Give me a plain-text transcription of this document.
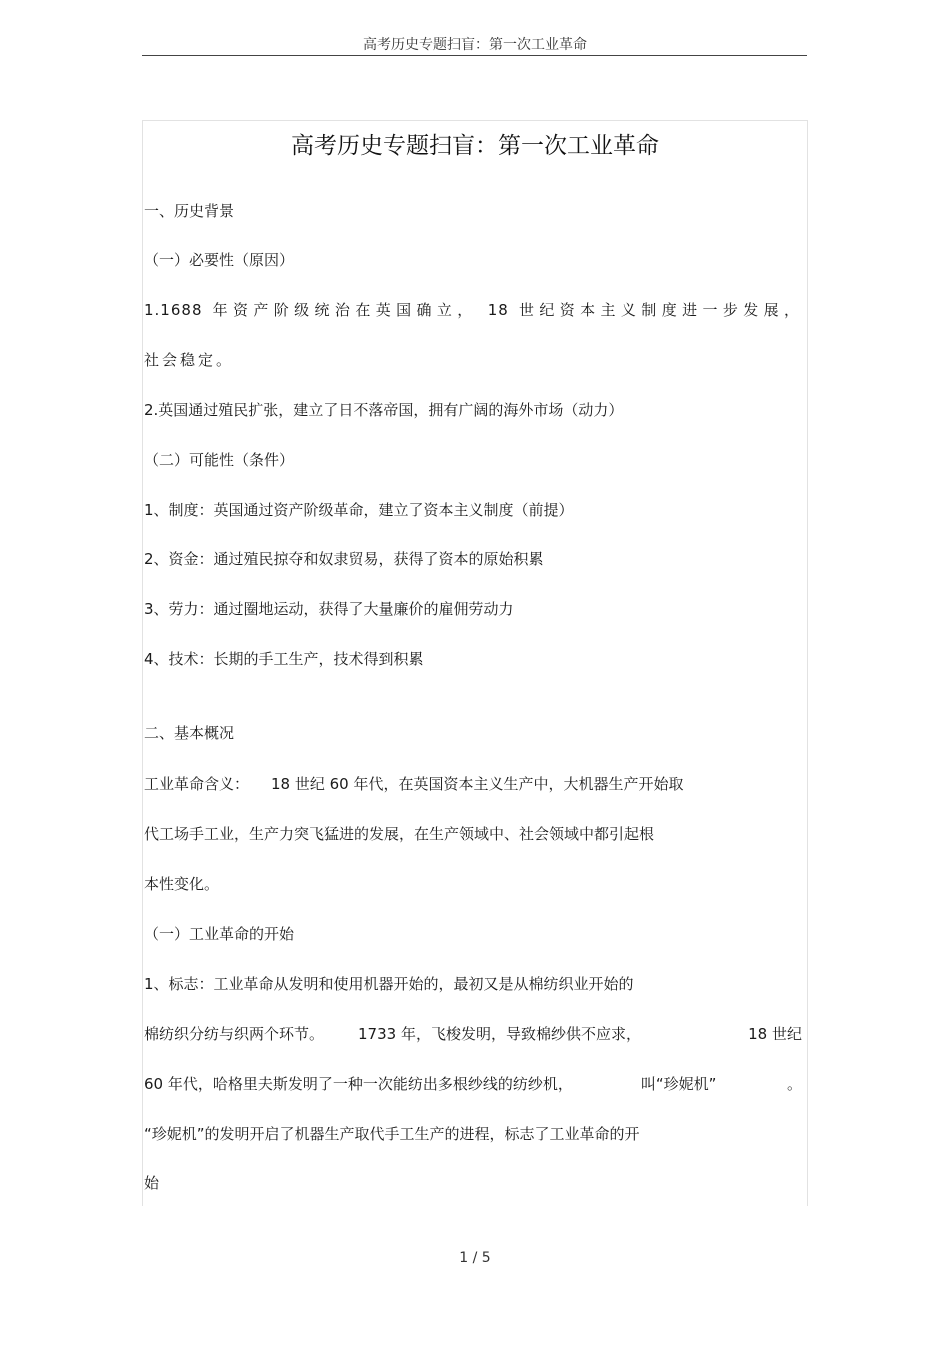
高考历史专题扫盲：第一次工业革命
高考历史专题扫盲：第一次工业革命
一、历史背景
（一）必要性（原因）
1.1688 年资产阶级统治在英国确立， 18 世纪资本主义制度进一步发展，
社会稳定。
2.英国通过殖民扩张，建立了日不落帝国，拥有广阔的海外市场（动力）
（二）可能性（条件）
1、制度：英国通过资产阶级革命，建立了资本主义制度（前提）
2、资金：通过殖民掠夺和奴隶贸易，获得了资本的原始积累
3、劳力：通过圈地运动，获得了大量廉价的雇佣劳动力
4、技术：长期的手工生产，技术得到积累
二、基本概况
工业革命含义： 18 世纪 60 年代，在英国资本主义生产中，大机器生产开始取
代工场手工业，生产力突飞猛进的发展，在生产领域中、社会领域中都引起根
本性变化。
（一）工业革命的开始
1、标志：工业革命从发明和使用机器开始的，最初又是从棉纺织业开始的
棉纺织分纺与织两个环节。 1733 年，飞梭发明，导致棉纱供不应求，	18 世纪
60 年代，哈格里夫斯发明了一种一次能纺出多根纱线的纺纱机，	叫“珍妮机”	。
“珍妮机”的发明开启了机器生产取代手工生产的进程，标志了工业革命的开
始
1 / 5
